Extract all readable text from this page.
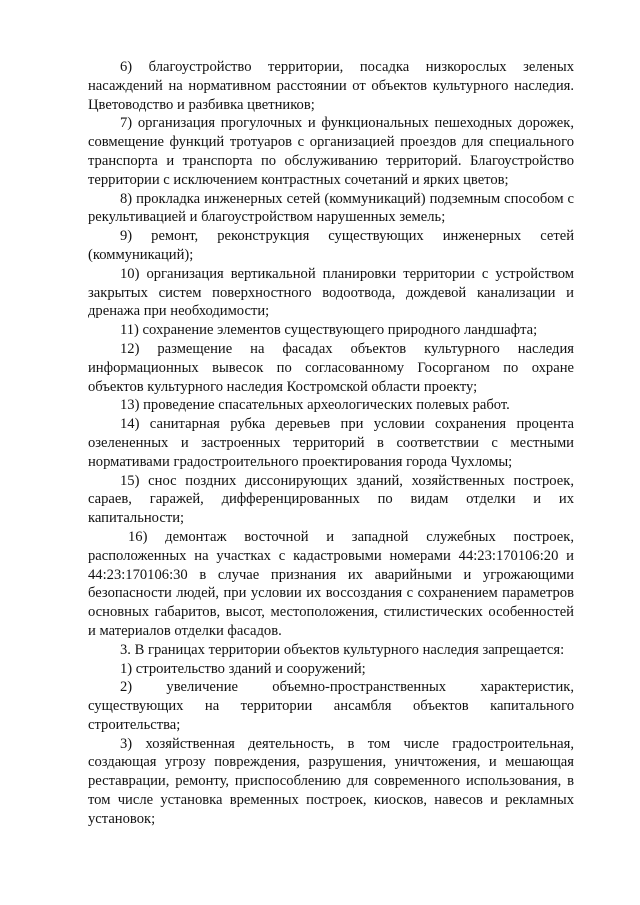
6) благоустройство территории, посадка низкорослых зеленых насаждений на нормативном расстоянии от объектов культурного наследия. Цветоводство и разбивка цветников;

7) организация прогулочных и функциональных пешеходных дорожек, совмещение функций тротуаров с организацией проездов для специального транспорта и транспорта по обслуживанию территорий. Благоустройство территории с исключением контрастных сочетаний и ярких цветов;

8) прокладка инженерных сетей (коммуникаций) подземным способом с рекультивацией и благоустройством нарушенных земель;

9) ремонт, реконструкция существующих инженерных сетей (коммуникаций);

10) организация вертикальной планировки территории с устройством закрытых систем поверхностного водоотвода, дождевой канализации и дренажа при необходимости;

11) сохранение элементов существующего природного ландшафта;

12) размещение на фасадах объектов культурного наследия информационных вывесок по согласованному Госорганом по охране объектов культурного наследия Костромской области проекту;

13) проведение спасательных археологических полевых работ.

14) санитарная рубка деревьев при условии сохранения процента озелененных и застроенных территорий в соответствии с местными нормативами градостроительного проектирования города Чухломы;

15) снос поздних диссонирующих зданий, хозяйственных построек, сараев, гаражей, дифференцированных по видам отделки и их капитальности;

16) демонтаж восточной и западной служебных построек, расположенных на участках с кадастровыми номерами 44:23:170106:20 и 44:23:170106:30 в случае признания их аварийными и угрожающими безопасности людей, при условии их воссоздания с сохранением параметров основных габаритов, высот, местоположения, стилистических особенностей и материалов отделки фасадов.

3. В границах территории объектов культурного наследия запрещается:

1) строительство зданий и сооружений;

2) увеличение объемно-пространственных характеристик, существующих на территории ансамбля объектов капитального строительства;

3) хозяйственная деятельность, в том числе градостроительная, создающая угрозу повреждения, разрушения, уничтожения, и мешающая реставрации, ремонту, приспособлению для современного использования, в том числе установка временных построек, киосков, навесов и рекламных установок;
